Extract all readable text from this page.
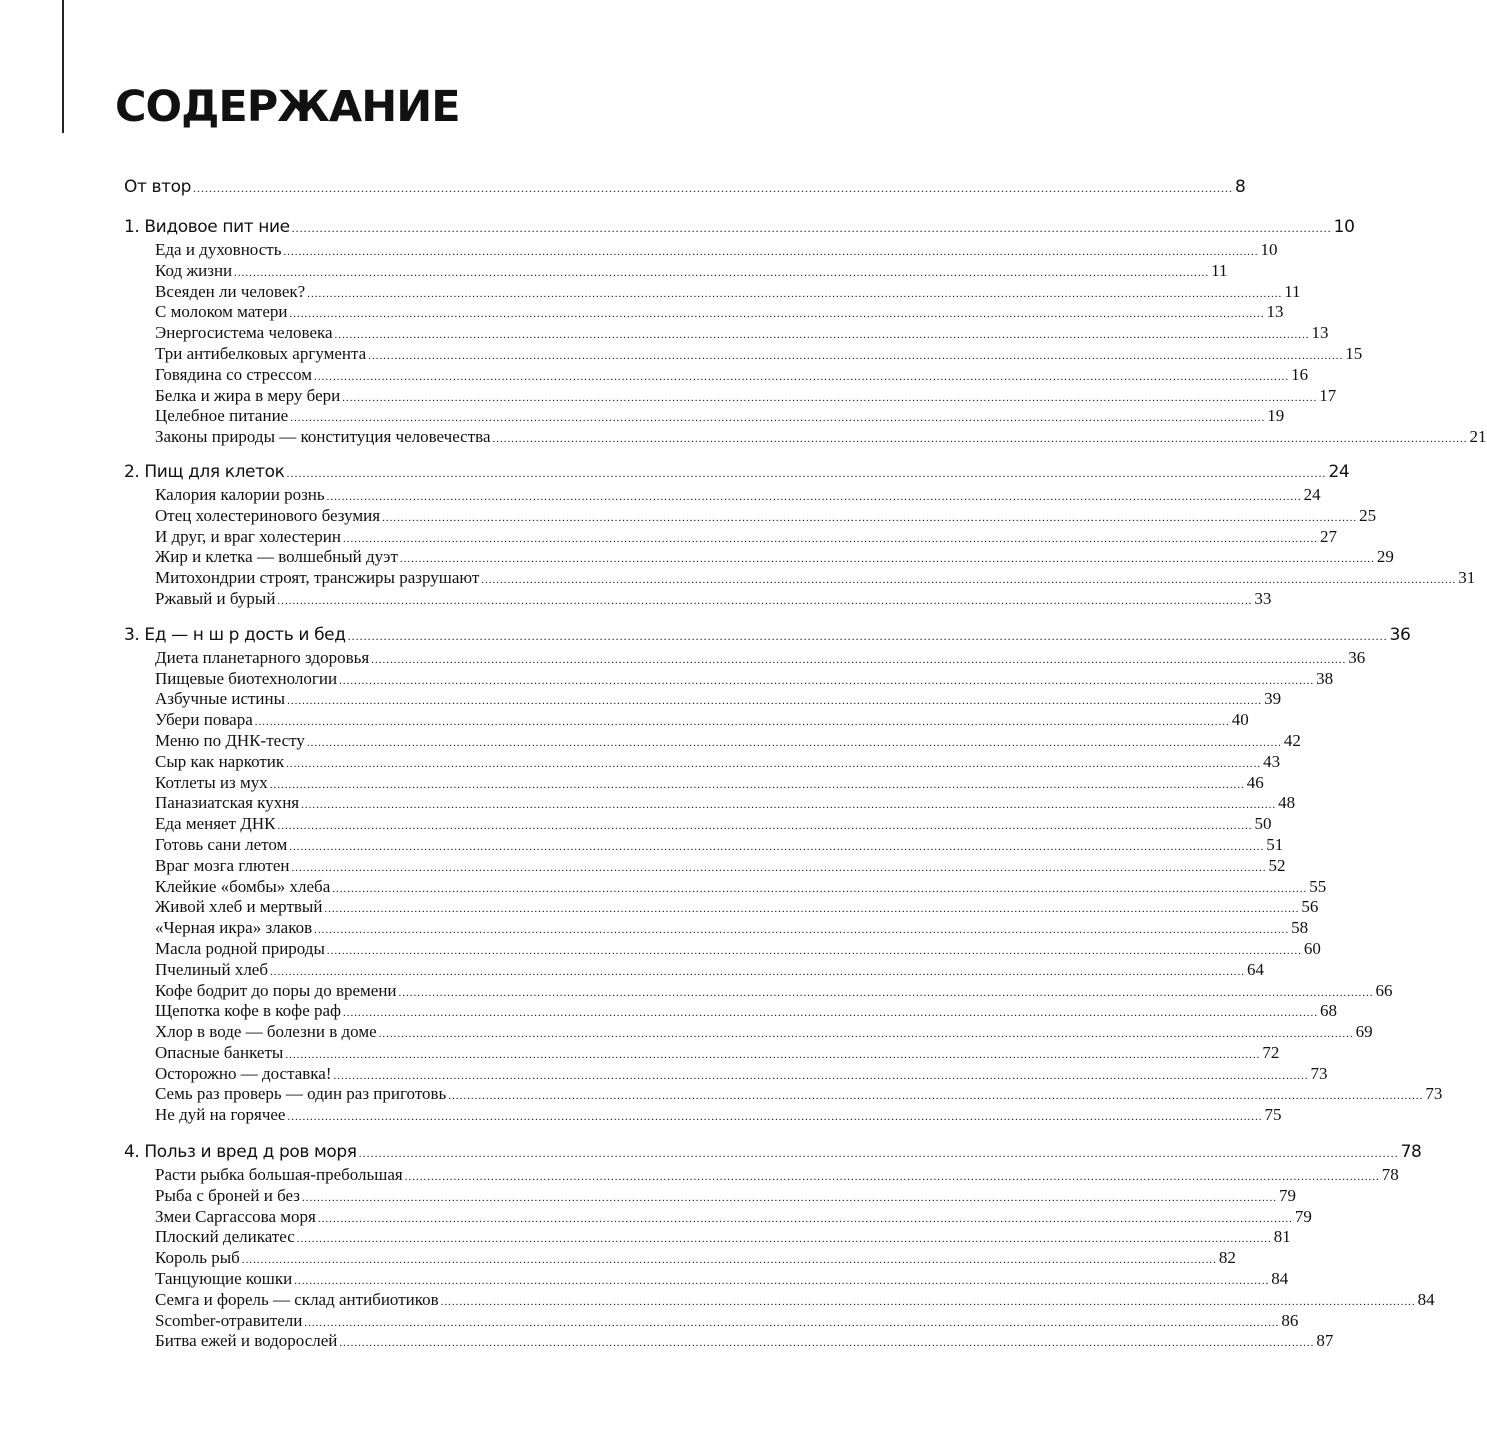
СОДЕРЖАНИЕ
От втор .................................................................................................................................................................................................................................................................... 8
1. Видовое пит ние .................................................................................................................................................................................................................................................................... 10
Еда и духовность .................................................................................................................................................................................................................................................................... 10
Код жизни .................................................................................................................................................................................................................................................................... 11
Всеяден ли человек? .................................................................................................................................................................................................................................................................... 11
С молоком матери .................................................................................................................................................................................................................................................................... 13
Энергосистема человека .................................................................................................................................................................................................................................................................... 13
Три антибелковых аргумента .................................................................................................................................................................................................................................................................... 15
Говядина со стрессом .................................................................................................................................................................................................................................................................... 16
Белка и жира в меру бери .................................................................................................................................................................................................................................................................... 17
Целебное питание .................................................................................................................................................................................................................................................................... 19
Законы природы — конституция человечества .................................................................................................................................................................................................................................................................... 21
2. Пищ для клеток .................................................................................................................................................................................................................................................................... 24
Калория калории рознь .................................................................................................................................................................................................................................................................... 24
Отец холестеринового безумия .................................................................................................................................................................................................................................................................... 25
И друг, и враг холестерин .................................................................................................................................................................................................................................................................... 27
Жир и клетка — волшебный дуэт .................................................................................................................................................................................................................................................................... 29
Митохондрии строят, трансжиры разрушают .................................................................................................................................................................................................................................................................... 31
Ржавый и бурый .................................................................................................................................................................................................................................................................... 33
3. Ед — н ш р дость и бед .................................................................................................................................................................................................................................................................... 36
Диета планетарного здоровья .................................................................................................................................................................................................................................................................... 36
Пищевые биотехнологии .................................................................................................................................................................................................................................................................... 38
Азбучные истины .................................................................................................................................................................................................................................................................... 39
Убери повара .................................................................................................................................................................................................................................................................... 40
Меню по ДНК-тесту .................................................................................................................................................................................................................................................................... 42
Сыр как наркотик .................................................................................................................................................................................................................................................................... 43
Котлеты из мух .................................................................................................................................................................................................................................................................... 46
Паназиатская кухня .................................................................................................................................................................................................................................................................... 48
Еда меняет ДНК .................................................................................................................................................................................................................................................................... 50
Готовь сани летом .................................................................................................................................................................................................................................................................... 51
Враг мозга глютен .................................................................................................................................................................................................................................................................... 52
Клейкие «бомбы» хлеба .................................................................................................................................................................................................................................................................... 55
Живой хлеб и мертвый .................................................................................................................................................................................................................................................................... 56
«Черная икра» злаков .................................................................................................................................................................................................................................................................... 58
Масла родной природы .................................................................................................................................................................................................................................................................... 60
Пчелиный хлеб .................................................................................................................................................................................................................................................................... 64
Кофе бодрит до поры до времени .................................................................................................................................................................................................................................................................... 66
Щепотка кофе в кофе раф .................................................................................................................................................................................................................................................................... 68
Хлор в воде — болезни в доме .................................................................................................................................................................................................................................................................... 69
Опасные банкеты .................................................................................................................................................................................................................................................................... 72
Осторожно — доставка! .................................................................................................................................................................................................................................................................... 73
Семь раз проверь — один раз приготовь .................................................................................................................................................................................................................................................................... 73
Не дуй на горячее .................................................................................................................................................................................................................................................................... 75
4. Польз и вред д ров моря .................................................................................................................................................................................................................................................................... 78
Расти рыбка большая-пребольшая .................................................................................................................................................................................................................................................................... 78
Рыба с броней и без .................................................................................................................................................................................................................................................................... 79
Змеи Саргассова моря .................................................................................................................................................................................................................................................................... 79
Плоский деликатес .................................................................................................................................................................................................................................................................... 81
Король рыб .................................................................................................................................................................................................................................................................... 82
Танцующие кошки .................................................................................................................................................................................................................................................................... 84
Семга и форель — склад антибиотиков .................................................................................................................................................................................................................................................................... 84
Scomber-отравители .................................................................................................................................................................................................................................................................... 86
Битва ежей и водорослей .................................................................................................................................................................................................................................................................... 87
